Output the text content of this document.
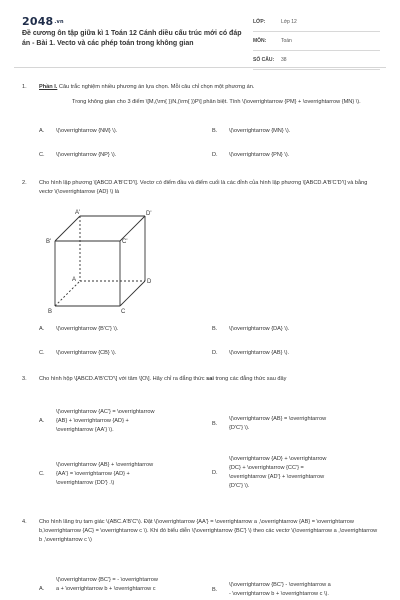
2048.vn
Đề cương ôn tập giữa kì 1 Toán 12 Cánh diều cấu trúc mới có đáp án - Bài 1. Vecto và các phép toán trong không gian
LỚP:	Lớp 12
MÔN:	Toán
SỐ CÂU:	38
1. Phần I. Câu trắc nghiệm nhiều phương án lựa chọn. Mỗi câu chỉ chọn một phương án.
Trong không gian cho 3 điểm \[M,(\rm{ })N,(\rm{ })P\] phân biệt. Tính \(\overrightarrow {PM} + \overrightarrow {MN} \).
A. \(\overrightarrow {NM} \).	B. \(\overrightarrow {MN} \).
C. \(\overrightarrow {NP} \).	D. \(\overrightarrow {PN} \).
2. Cho hình lập phương \[ABCD.A'B'C'D'\]. Vectơ có điểm đầu và điểm cuối là các đỉnh của hình lập phương \[ABCD.A'B'C'D'\] và bằng vectơ \(\overrightarrow {AD} \) là
A'	D'
B'	C'
A	D
B	C
A. \(\overrightarrow {B'C'} \).	B. \(\overrightarrow {DA} \).
C. \(\overrightarrow {CB} \).	D. \(\overrightarrow {AB} \).
3. Cho hình hộp \[ABCD.A'B'C'D'\] với tâm \[O\]. Hãy chỉ ra đẳng thức sai trong các đẳng thức sau đây
A.
\(\overrightarrow {AC'} = \overrightarrow
{AB} + \overrightarrow {AD} +
\overrightarrow {AA'} \).
B.
\(\overrightarrow {AB} = \overrightarrow
{D'C'} \).
C.
\(\overrightarrow {AB} + \overrightarrow
{AA'} = \overrightarrow {AD} +
\overrightarrow {DD'} .\)
D.
\(\overrightarrow {AD} + \overrightarrow
{DC} + \overrightarrow {CC'} =
\overrightarrow {AD'} + \overrightarrow
{D'C'} \).
4. Cho hình lăng trụ tam giác \(ABC.A'B'C'\). Đặt \(\overrightarrow {AA'} = \overrightarrow a ,\overrightarrow {AB} = \overrightarrow b,\overrightarrow {AC} = \overrightarrow c \). Khi đó biểu diễn \(\overrightarrow {BC'} \) theo các vectơ \(\overrightarrow a ,\overrightarrow b ,\overrightarrow c \)
A.
\(\overrightarrow {BC'} = - \overrightarrow
a + \overrightarrow b + \overrightarrow c	B.
\(\overrightarrow {BC'} - \overrightarrow a
- \overrightarrow b + \overrightarrow c \).
